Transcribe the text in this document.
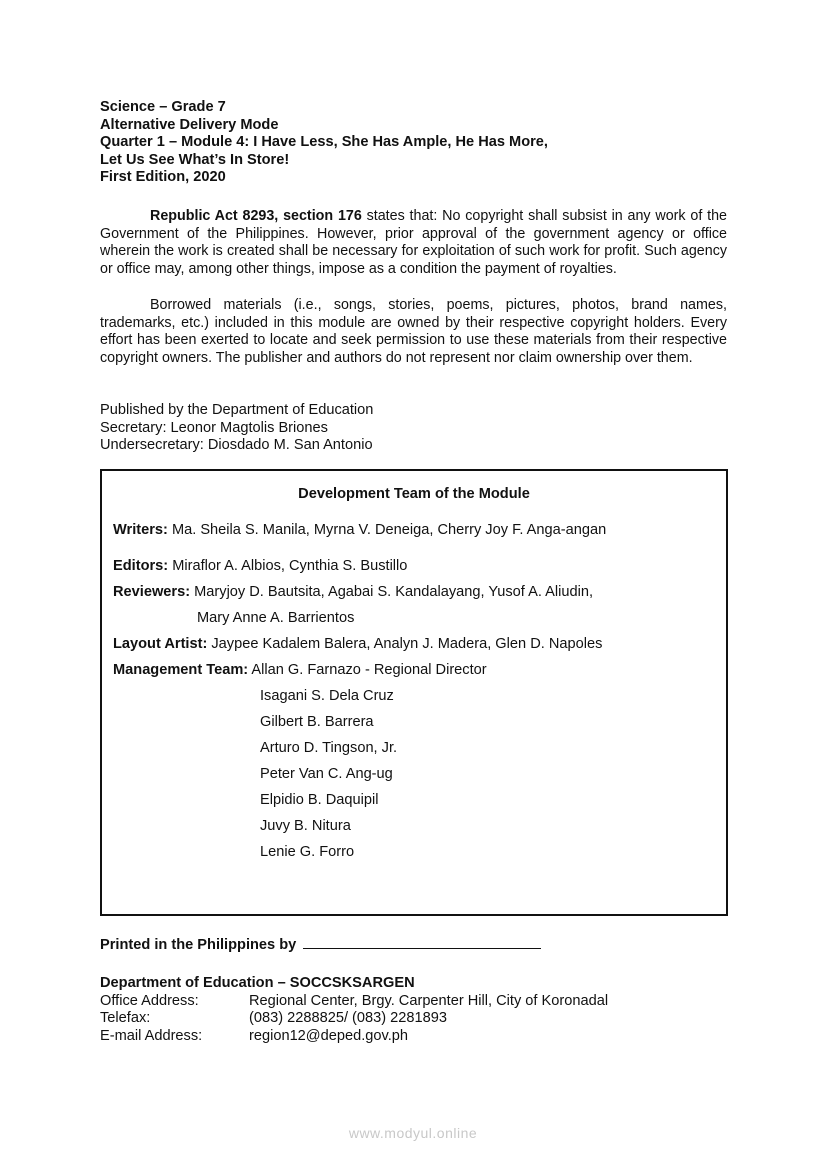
Science – Grade 7
Alternative Delivery Mode
Quarter 1 – Module 4: I Have Less, She Has Ample, He Has More,
Let Us See What’s In Store!
First Edition, 2020
Republic Act 8293, section 176 states that: No copyright shall subsist in any work of the Government of the Philippines. However, prior approval of the government agency or office wherein the work is created shall be necessary for exploitation of such work for profit. Such agency or office may, among other things, impose as a condition the payment of royalties.
Borrowed materials (i.e., songs, stories, poems, pictures, photos, brand names, trademarks, etc.) included in this module are owned by their respective copyright holders. Every effort has been exerted to locate and seek permission to use these materials from their respective copyright owners. The publisher and authors do not represent nor claim ownership over them.
Published by the Department of Education
Secretary: Leonor Magtolis Briones
Undersecretary: Diosdado M. San Antonio
Development Team of the Module
Writers: Ma. Sheila S. Manila, Myrna V. Deneiga, Cherry Joy F. Anga-angan
Editors: Miraflor A. Albios, Cynthia S. Bustillo
Reviewers: Maryjoy D. Bautsita, Agabai S. Kandalayang, Yusof A. Aliudin,
Mary Anne A. Barrientos
Layout Artist: Jaypee Kadalem Balera, Analyn J. Madera, Glen D. Napoles
Management Team: Allan G. Farnazo - Regional Director
Isagani S. Dela Cruz
Gilbert B. Barrera
Arturo D. Tingson, Jr.
Peter Van C. Ang-ug
Elpidio B. Daquipil
Juvy B. Nitura
Lenie G. Forro
Printed in the Philippines by
Department of Education – SOCCSKSARGEN
Office Address:	Regional Center, Brgy. Carpenter Hill, City of Koronadal
Telefax:	(083) 2288825/ (083) 2281893
E-mail Address:	region12@deped.gov.ph
www.modyul.online
